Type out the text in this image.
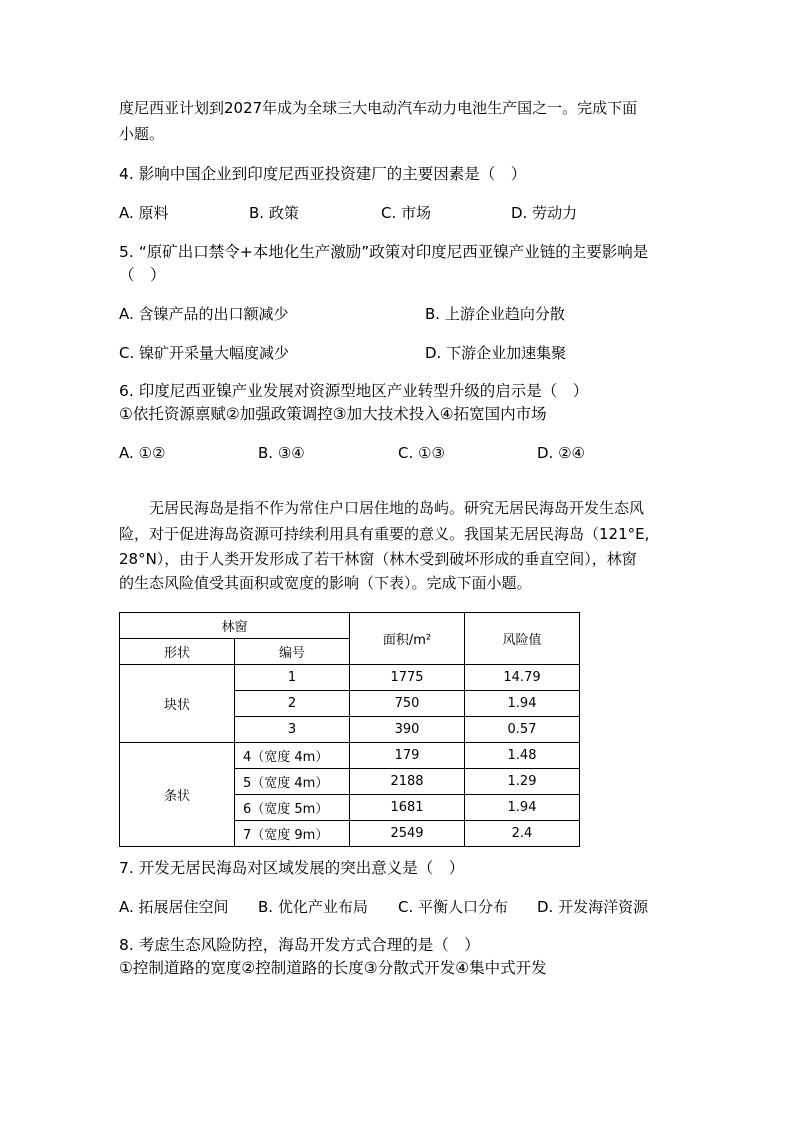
度尼西亚计划到2027年成为全球三大电动汽车动力电池生产国之一。完成下面
小题。
4. 影响中国企业到印度尼西亚投资建厂的主要因素是（　）
A. 原料	B. 政策	C. 市场	D. 劳动力
5. “原矿出口禁令+本地化生产激励”政策对印度尼西亚镍产业链的主要影响是
（　）
A. 含镍产品的出口额减少	B. 上游企业趋向分散
C. 镍矿开采量大幅度减少	D. 下游企业加速集聚
6. 印度尼西亚镍产业发展对资源型地区产业转型升级的启示是（　）
①依托资源禀赋②加强政策调控③加大技术投入④拓宽国内市场
A. ①②	B. ③④	C. ①③	D. ②④
无居民海岛是指不作为常住户口居住地的岛屿。研究无居民海岛开发生态风
险，对于促进海岛资源可持续利用具有重要的意义。我国某无居民海岛（121°E,
28°N），由于人类开发形成了若干林窗（林木受到破坏形成的垂直空间），林窗
的生态风险值受其面积或宽度的影响（下表）。完成下面小题。
林窗		面积/m²	风险值
形状	编号		
块状	1	1775	14.79
	2	750	1.94
	3	390	0.57
条状	4（宽度 4m）	179	1.48
	5（宽度 4m）	2188	1.29
	6（宽度 5m）	1681	1.94
	7（宽度 9m）	2549	2.4
7. 开发无居民海岛对区域发展的突出意义是（　）
A. 拓展居住空间 B. 优化产业布局 C. 平衡人口分布 D. 开发海洋资源
8. 考虑生态风险防控，海岛开发方式合理的是（　）
①控制道路的宽度②控制道路的长度③分散式开发④集中式开发
